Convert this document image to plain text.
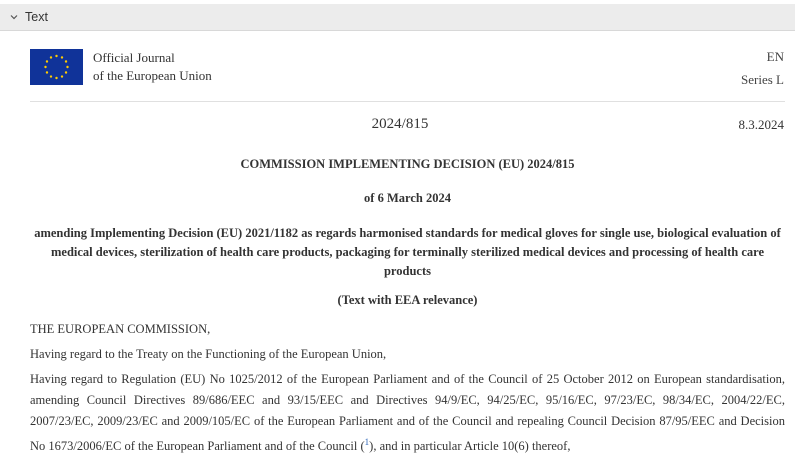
Text
Official Journal
of the European Union
EN
Series L
2024/815	8.3.2024
COMMISSION IMPLEMENTING DECISION (EU) 2024/815
of 6 March 2024
amending Implementing Decision (EU) 2021/1182 as regards harmonised standards for medical gloves for single use, biological evaluation of medical devices, sterilization of health care products, packaging for terminally sterilized medical devices and processing of health care products
(Text with EEA relevance)
THE EUROPEAN COMMISSION,
Having regard to the Treaty on the Functioning of the European Union,
Having regard to Regulation (EU) No 1025/2012 of the European Parliament and of the Council of 25 October 2012 on European standardisation, amending Council Directives 89/686/EEC and 93/15/EEC and Directives 94/9/EC, 94/25/EC, 95/16/EC, 97/23/EC, 98/34/EC, 2004/22/EC, 2007/23/EC, 2009/23/EC and 2009/105/EC of the European Parliament and of the Council and repealing Council Decision 87/95/EEC and Decision No 1673/2006/EC of the European Parliament and of the Council ($^1$), and in particular Article 10(6) thereof,
